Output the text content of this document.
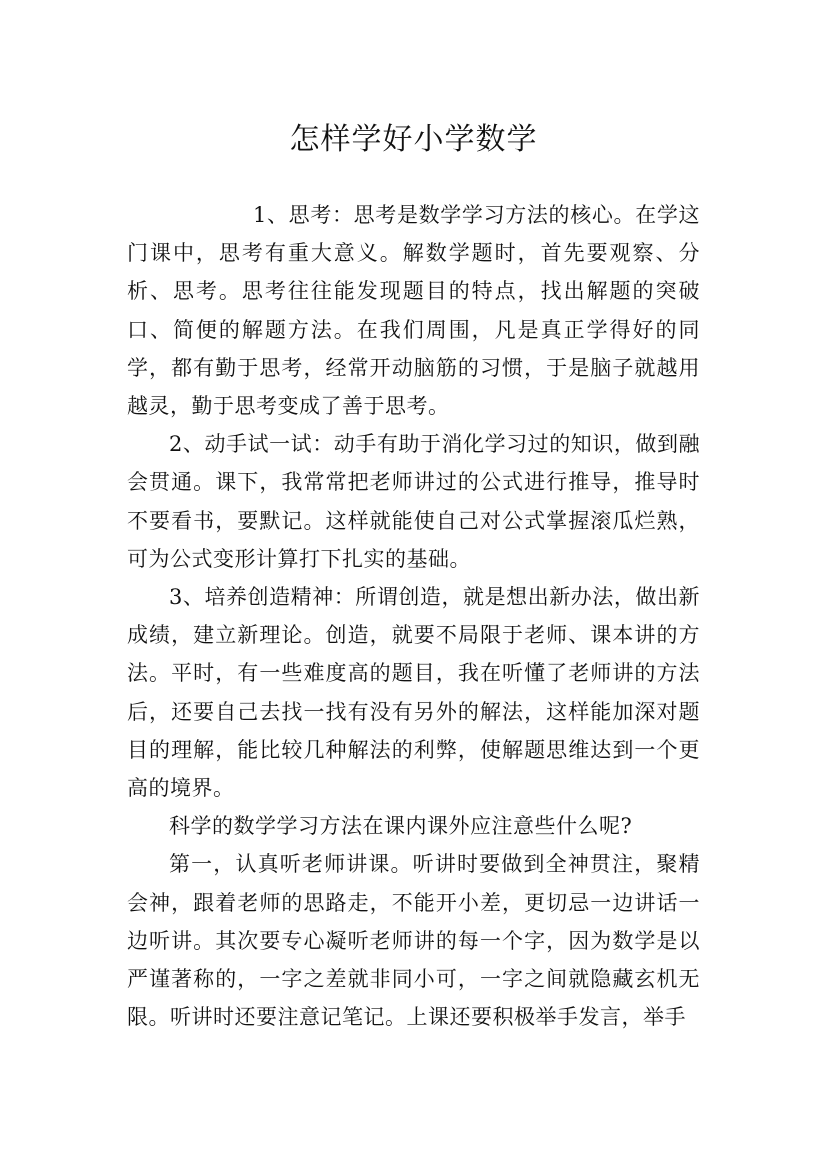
怎样学好小学数学

1、思考：思考是数学学习方法的核心。在学这门课中，思考有重大意义。解数学题时，首先要观察、分析、思考。思考往往能发现题目的特点，找出解题的突破口、简便的解题方法。在我们周围，凡是真正学得好的同学，都有勤于思考，经常开动脑筋的习惯，于是脑子就越用越灵，勤于思考变成了善于思考。

2、动手试一试：动手有助于消化学习过的知识，做到融会贯通。课下，我常常把老师讲过的公式进行推导，推导时不要看书，要默记。这样就能使自己对公式掌握滚瓜烂熟，可为公式变形计算打下扎实的基础。

3、培养创造精神：所谓创造，就是想出新办法，做出新成绩，建立新理论。创造，就要不局限于老师、课本讲的方法。平时，有一些难度高的题目，我在听懂了老师讲的方法后，还要自己去找一找有没有另外的解法，这样能加深对题目的理解，能比较几种解法的利弊，使解题思维达到一个更高的境界。

科学的数学学习方法在课内课外应注意些什么呢?

第一，认真听老师讲课。听讲时要做到全神贯注，聚精会神，跟着老师的思路走，不能开小差，更切忌一边讲话一边听讲。其次要专心凝听老师讲的每一个字，因为数学是以严谨著称的，一字之差就非同小可，一字之间就隐藏玄机无限。听讲时还要注意记笔记。上课还要积极举手发言，举手
